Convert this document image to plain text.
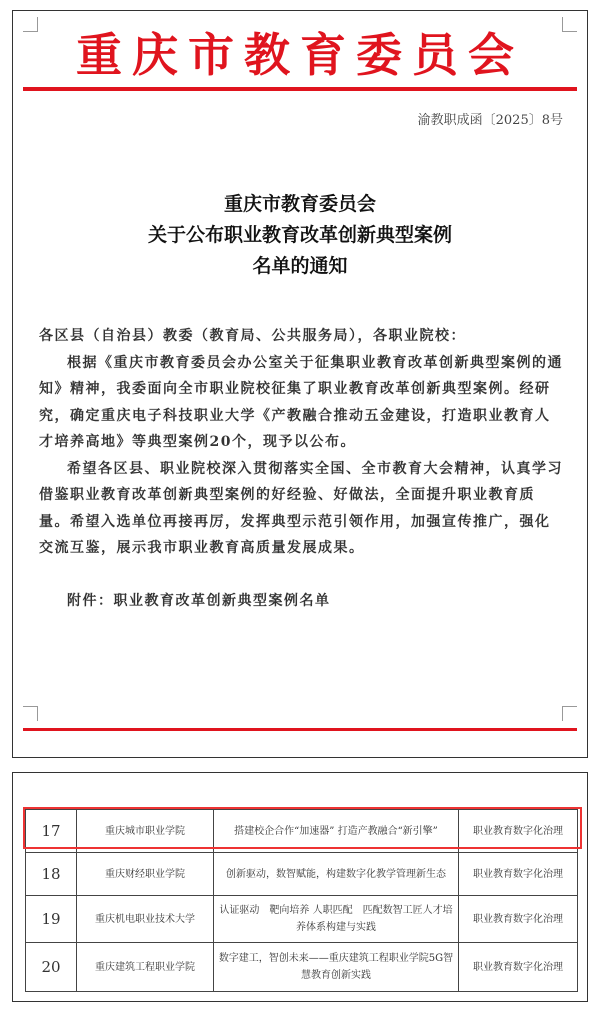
重庆市教育委员会
渝教职成函〔2025〕8号
重庆市教育委员会
关于公布职业教育改革创新典型案例
名单的通知

各区县（自治县）教委（教育局、公共服务局），各职业院校：

根据《重庆市教育委员会办公室关于征集职业教育改革创新典型案例的通知》精神，我委面向全市职业院校征集了职业教育改革创新典型案例。经研究，确定重庆电子科技职业大学《产教融合推动五金建设，打造职业教育人才培养高地》等典型案例20个，现予以公布。

希望各区县、职业院校深入贯彻落实全国、全市教育大会精神，认真学习借鉴职业教育改革创新典型案例的好经验、好做法，全面提升职业教育质量。希望入选单位再接再厉，发挥典型示范引领作用，加强宣传推广，强化交流互鉴，展示我市职业教育高质量发展成果。

附件：职业教育改革创新典型案例名单

17	重庆城市职业学院	搭建校企合作“加速器” 打造产教融合“新引擎”	职业教育数字化治理
18	重庆财经职业学院	创新驱动，数智赋能，构建数字化教学管理新生态	职业教育数字化治理
19	重庆机电职业技术大学	认证驱动　靶向培养 人职匹配　匹配数智工匠人才培养体系构建与实践	职业教育数字化治理
20	重庆建筑工程职业学院	数字建工，智创未来——重庆建筑工程职业学院5G智慧教育创新实践	职业教育数字化治理
